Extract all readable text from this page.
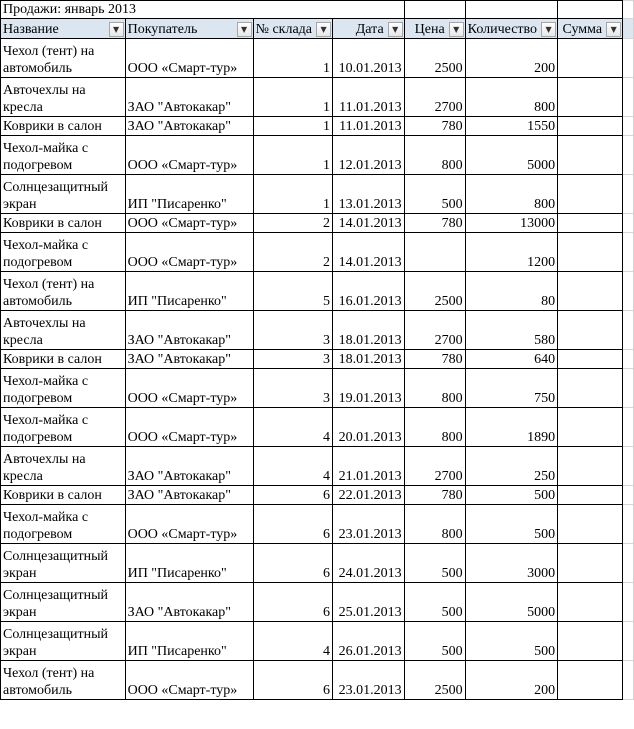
Продажи: январь 2013							

Название ▼	Покупатель ▼	№ склада ▼	Дата ▼	Цена ▼	Количество ▼	Сумма ▼	

Чехол (тент) на автомобиль	ООО «Смарт-тур»	1	10.01.2013	2500	200		
Авточехлы на кресла	ЗАО "Автокакар"	1	11.01.2013	2700	800		
Коврики в салон	ЗАО "Автокакар"	1	11.01.2013	780	1550		
Чехол-майка с подогревом	ООО «Смарт-тур»	1	12.01.2013	800	5000		
Солнцезащитный экран	ИП "Писаренко"	1	13.01.2013	500	800		
Коврики в салон	ООО «Смарт-тур»	2	14.01.2013	780	13000		
Чехол-майка с подогревом	ООО «Смарт-тур»	2	14.01.2013		1200		
Чехол (тент) на автомобиль	ИП "Писаренко"	5	16.01.2013	2500	80		
Авточехлы на кресла	ЗАО "Автокакар"	3	18.01.2013	2700	580		
Коврики в салон	ЗАО "Автокакар"	3	18.01.2013	780	640		
Чехол-майка с подогревом	ООО «Смарт-тур»	3	19.01.2013	800	750		
Чехол-майка с подогревом	ООО «Смарт-тур»	4	20.01.2013	800	1890		
Авточехлы на кресла	ЗАО "Автокакар"	4	21.01.2013	2700	250		
Коврики в салон	ЗАО "Автокакар"	6	22.01.2013	780	500		
Чехол-майка с подогревом	ООО «Смарт-тур»	6	23.01.2013	800	500		
Солнцезащитный экран	ИП "Писаренко"	6	24.01.2013	500	3000		
Солнцезащитный экран	ЗАО "Автокакар"	6	25.01.2013	500	5000		
Солнцезащитный экран	ИП "Писаренко"	4	26.01.2013	500	500		
Чехол (тент) на автомобиль	ООО «Смарт-тур»	6	23.01.2013	2500	200		
